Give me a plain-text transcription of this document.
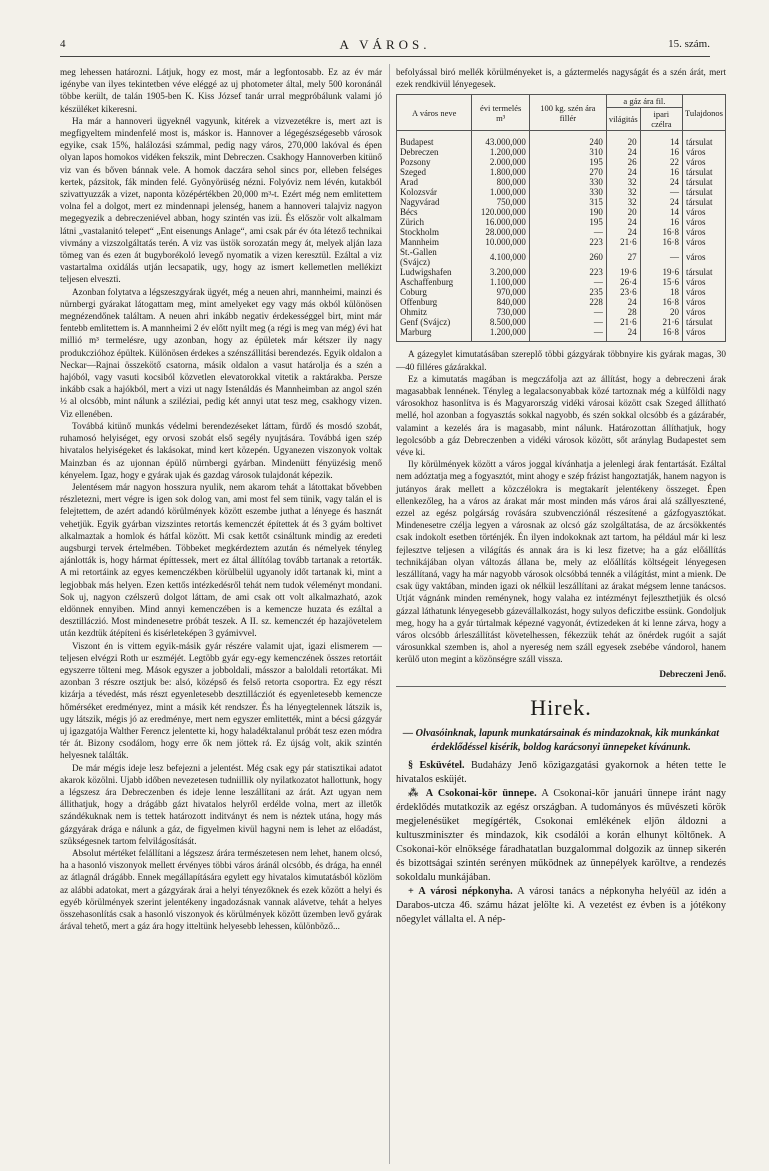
4	A VÁROS.	15. szám.

meg lehessen határozni. Látjuk, hogy ez most, már a legfontosabb. Ez az év már igénybe van ilyes tekintetben véve eléggé az uj photometer által, mely 500 koronánál többe került, de talán 1905-ben K. Kiss József tanár urral megpróbálunk valami jó készüléket kikeresni.

Ha már a hannoveri ügyeknél vagyunk, kitérek a vizvezetékre is, mert azt is megfigyeltem mindenfelé most is, máskor is. Hannover a légegészségesebb városok egyike, csak 15%, halálozási számmal, pedig nagy város, 270,000 lakóval és épen olyan lapos homokos vidéken fekszik, mint Debreczen. Csakhogy Hannoverben kitünő viz van és bőven bánnak vele. A homok daczára sehol sincs por, elleben felséges kertek, pázsitok, fák minden felé. Gyönyörüség nézni. Folyóviz nem lévén, kutakból szivattyuzzák a vizet, naponta középértékben 20,000 m³-t. Ezért még nem emlitettem volna fel a dolgot, mert ez mindennapi jelenség, hanem a hannoveri talajviz nagyon megegyezik a debreczeniével abban, hogy szintén vas izü. És először volt alkalmam látni „vastalanitó telepet“ „Ent eisenungs Anlage“, ami csak pár év óta létező technikai vivmány a vizszolgáltatás terén. A viz vas üstök sorozatán megy át, melyek alján laza tömeg van és ezen át bugyborékoló levegő nyomatik a vizen keresztül. Ezáltal a viz vastartalma oxidálás utján lecsapatik, ugy, hogy az ismert kellemetlen mellékizt teljesen elveszti.

Azonban folytatva a légszeszgyárak ügyét, még a neuen ahri, mannheimi, mainzi és nürnbergi gyárakat látogattam meg, mint amelyeket egy vagy más okból különösen megnézendőnek találtam. A neuen ahri inkább negativ érdekességgel birt, mint már fentebb emlitettem is. A mannheimi 2 év előtt nyilt meg (a régi is meg van még) évi hat millió m³ termelésre, ugy azonban, hogy az épületek már kétszer ily nagy produkczióhoz épültek. Különösen érdekes a szénszállitási berendezés. Egyik oldalon a Neckar—Rajnai összekötő csatorna, másik oldalon a vasut határolja és a szén a hajóból, vagy vasuti kocsiból közvetlen elevatorokkal vitetik a raktárakba. Persze inkább csak a hajókból, mert a vizi ut nagy Istenáldás és Mannheimban az angol szén ½ al olcsóbb, mint nálunk a sziléziai, pedig két annyi utat tesz meg, csakhogy vizen. Viz ellenében.

Továbbá kitünő munkás védelmi berendezéseket láttam, fürdő és mosdó szobát, ruhamosó helyiséget, egy orvosi szobát első segély nyujtására. Továbbá igen szép hivatalos helyiségeket és lakásokat, mind kert közepén. Ugyanezen viszonyok voltak Mainzban és az ujonnan épülő nürnbergi gyárban. Mindenütt fényüzésig menő kényelem. Igaz, hogy e gyárak ujak és gazdag városok tulajdonát képezik.

Jelentésem már nagyon hosszura nyulik, nem akarom tehát a látottakat bővebben részletezni, mert végre is igen sok dolog van, ami most fel sem tünik, vagy talán el is felejtettem, de azért adandó körülmények között eszembe juthat a lényege és hasznát vehetjük. Egyik gyárban vizszintes retortás kemenczét építettek át és 3 gyám boltivet alkalmaztak a homlok és hátfal között. Mi csak kettőt csináltunk mindig az eredeti augsburgi tervek értelmében. Többeket megkérdeztem azután és némelyek tényleg ajánlották is, hogy hármat építtessek, mert ez által állítólag tovább tartanak a retorták. A mi retortáink az egyes kemenczékben körülbelül ugyanoly időt tartanak ki, mint a legjobbak más helyen. Ezen kettős intézkedésről tehát nem tudok véleményt mondani. Sok uj, nagyon czélszerü dolgot láttam, de ami csak ott volt alkalmazható, azok eldönnek ennyiben. Mind annyi kemenczében is a kemencze huzata és ezáltal a desztilláczió. Most mindenesetre próbát teszek. A II. sz. kemenczét ép hazajövetelem után kezdtük átépíteni és kisérleteképen 3 gyámivvel.

Viszont én is vittem egyik-másik gyár részére valamit ujat, igazi elismerem — teljesen elvégzi Roth ur eszméjét. Legtöbb gyár egy-egy kemenczének összes retortáit egyszerre tölteni meg. Mások egyszer a jobboldali, másszor a baloldali retortákat. Mi azonban 3 részre osztjuk be: alsó, középső és felső retorta csoportra. Ez egy részt kizárja a tévedést, más részt egyenletesebb desztillácziót és egyenletesebb kemencze hőmérséket eredményez, mint a másik két rendszer. És ha lényegtelennek látszik is, ugy látszik, mégis jó az eredménye, mert nem egyszer emlitették, mint a bécsi gázgyár uj igazgatója Walther Ferencz jelentette ki, hogy haladéktalanul próbát tesz ezen módra tér át. Bizony csodálom, hogy erre ők nem jöttek rá. Ez újság volt, akik szintén helyesnek találták.

De már mégis ideje lesz befejezni a jelentést. Még csak egy pár statisztikai adatot akarok közölni. Ujabb időben nevezetesen tudniillik oly nyilatkozatot hallottunk, hogy a légszesz ára Debreczenben és ideje lenne leszállítani az árát. Azt ugyan nem állithatjuk, hogy a drágább gázt hivatalos helyről erdélde volna, mert az illetők szándékuknak nem is tettek határozott inditványt és nem is néztek utána, hogy más gázgyárak drága e nálunk a gáz, de figyelmen kivül hagyni nem is lehet az előadást, szükségesnek tartom felvilágosítását.

Absolut mértéket felállítani a légszesz árára természetesen nem lehet, hanem olcsó, ha a hasonló viszonyok mellett érvényes többi város áránál olcsóbb, és drága, ha ennél az átlagnál drágább. Ennek megállapítására egylett egy hivatalos kimutatásból közlöm az alábbi adatokat, mert a gázgyárak árai a helyi tényezőknek és ezek között a helyi és egyéb körülmények szerint jelentékeny ingadozásnak vannak alávetve, tehát a helyes összehasonlítás csak a hasonló viszonyok és körülmények között üzemben levő gyárak árával tehető, mert a gáz ára hogy itteltünk helyesebb lehessen, különböző...

befolyással biró mellék körülményeket is, a gáztermelés nagyságát és a szén árát, mert ezek rendkivül lényegesek.

A város neve	évi termelés m³	100 kg. szén ára fillér	a gáz ára fil.		Tulajdonos
			világitás	ipari czélra	
Budapest	43.000,000	240	20	14	társulat
Debreczen	1.200,000	310	24	16	város
Pozsony	2.000,000	195	26	22	város
Szeged	1.800,000	270	24	16	társulat
Arad	800,000	330	32	24	társulat
Kolozsvár	1.000,000	330	32	—	társulat
Nagyvárad	750,000	315	32	24	társulat
Bécs	120.000,000	190	20	14	város
Zürich	16.000,000	195	24	16	város
Stockholm	28.000,000	—	24	16·8	város
Mannheim	10.000,000	223	21·6	16·8	város
St.-Gallen (Svájcz)	4.100,000	260	27	—	város
Ludwigshafen	3.200,000	223	19·6	19·6	társulat
Aschaffenburg	1.100,000	—	26·4	15·6	város
Coburg	970,000	235	23·6	18	város
Offenburg	840,000	228	24	16·8	város
Ohmitz	730,000	—	28	20	város
Genf (Svájcz)	8.500,000	—	21·6	21·6	társulat
Marburg	1.200,000	—	24	16·8	város

A gázegylet kimutatásában szereplő többi gázgyárak többnyire kis gyárak magas, 30—40 filléres gázárakkal.

Ez a kimutatás magában is megczáfolja azt az állítást, hogy a debreczeni árak magasabbak lennének. Tényleg a legalacsonyabbak közé tartoznak még a külföldi nagy városokhoz hasonlítva is és Magyarország vidéki városai között csak Szeged állítható mellé, hol azonban a fogyasztás sokkal nagyobb, és szén sokkal olcsóbb és a gázárabér, valamint a kezelés ára is magasabb, mint nálunk. Határozottan állíthatjuk, hogy legolcsóbb a gáz Debreczenben a vidéki városok között, sőt aránylag Budapestet sem véve ki.

Ily körülmények között a város joggal kívánhatja a jelenlegi árak fentartását. Ezáltal nem adóztatja meg a fogyasztót, mint ahogy e szép frázist hangoztatják, hanem nagyon is jutányos árak mellett a közczélokra is megtakarít jelentékeny összeget. Épen ellenkezőleg, ha a város az árakat már most minden más város árai alá szállyesztené, ezzel az egész polgárság rovására szubvencziónál részesítené a gázfogyasztókat. Mindenesetre czélja legyen a városnak az olcsó gáz szolgáltatása, de az árcsökkentés csak indokolt esetben történjék. Én ilyen indokoknak azt tartom, ha például már ki lesz fejlesztve teljesen a világítás és annak ára is ki lesz fizetve; ha a gáz előállítás technikájában olyan változás állana be, mely az előállítás költségeit lényegesen leszállítaná, vagy ha már nagyobb városok olcsóbbá tennék a világítást, mint a mienk. De csak ügy vaktában, minden igazi ok nélkül leszállítani az árakat mégsem lenne tanácsos. Utját vágnánk minden reménynek, hogy valaha ez intézményt fejleszthetjük és olcsó gázzal láthatunk lényegesebb gázevállalkozást, hogy sulyos deficzitbe essünk. Gondoljuk meg, hogy ha a gyár túrtalmak képezné vagyonát, évtizedeken át ki lenne zárva, hogy a város olcsóbb árleszállítást követelhessen, fékezzük tehát az önérdek rugóit a saját városunkkal szemben is, ahol a nyereség nem száll egyesek zsebébe vándorol, hanem kerülő uton megint a közönségre száll vissza.

Debreczeni Jenő.
Hirek.
— Olvasóinknak, lapunk munkatársainak és mindazoknak, kik munkánkat érdeklődéssel kisérik, boldog karácsonyi ünnepeket kívánunk.

§ Esküvétel. Budaházy Jenő közigazgatási gyakornok a héten tette le hivatalos esküjét.

⁂ A Csokonai-kör ünnepe. A Csokonai-kör januári ünnepe iránt nagy érdeklődés mutatkozik az egész országban. A tudományos és művészeti körök megjelenésüket megígérték, Csokonai emlékének eljön áldozni a kultuszminiszter és mindazok, kik csodálói a korán elhunyt költőnek. A Csokonai-kör elnöksége fáradhatatlan buzgalommal dolgozik az ünnep sikerén és bizottságai szintén serényen működnek az ünnepélyek karöltve, a rendezés sokoldalu munkájában.

+ A városi népkonyha. A városi tanács a népkonyha helyéül az idén a Darabos-utcza 46. számu házat jelölte ki. A vezetést ez évben is a jótékony nőegylet vállalta el. A nép-
